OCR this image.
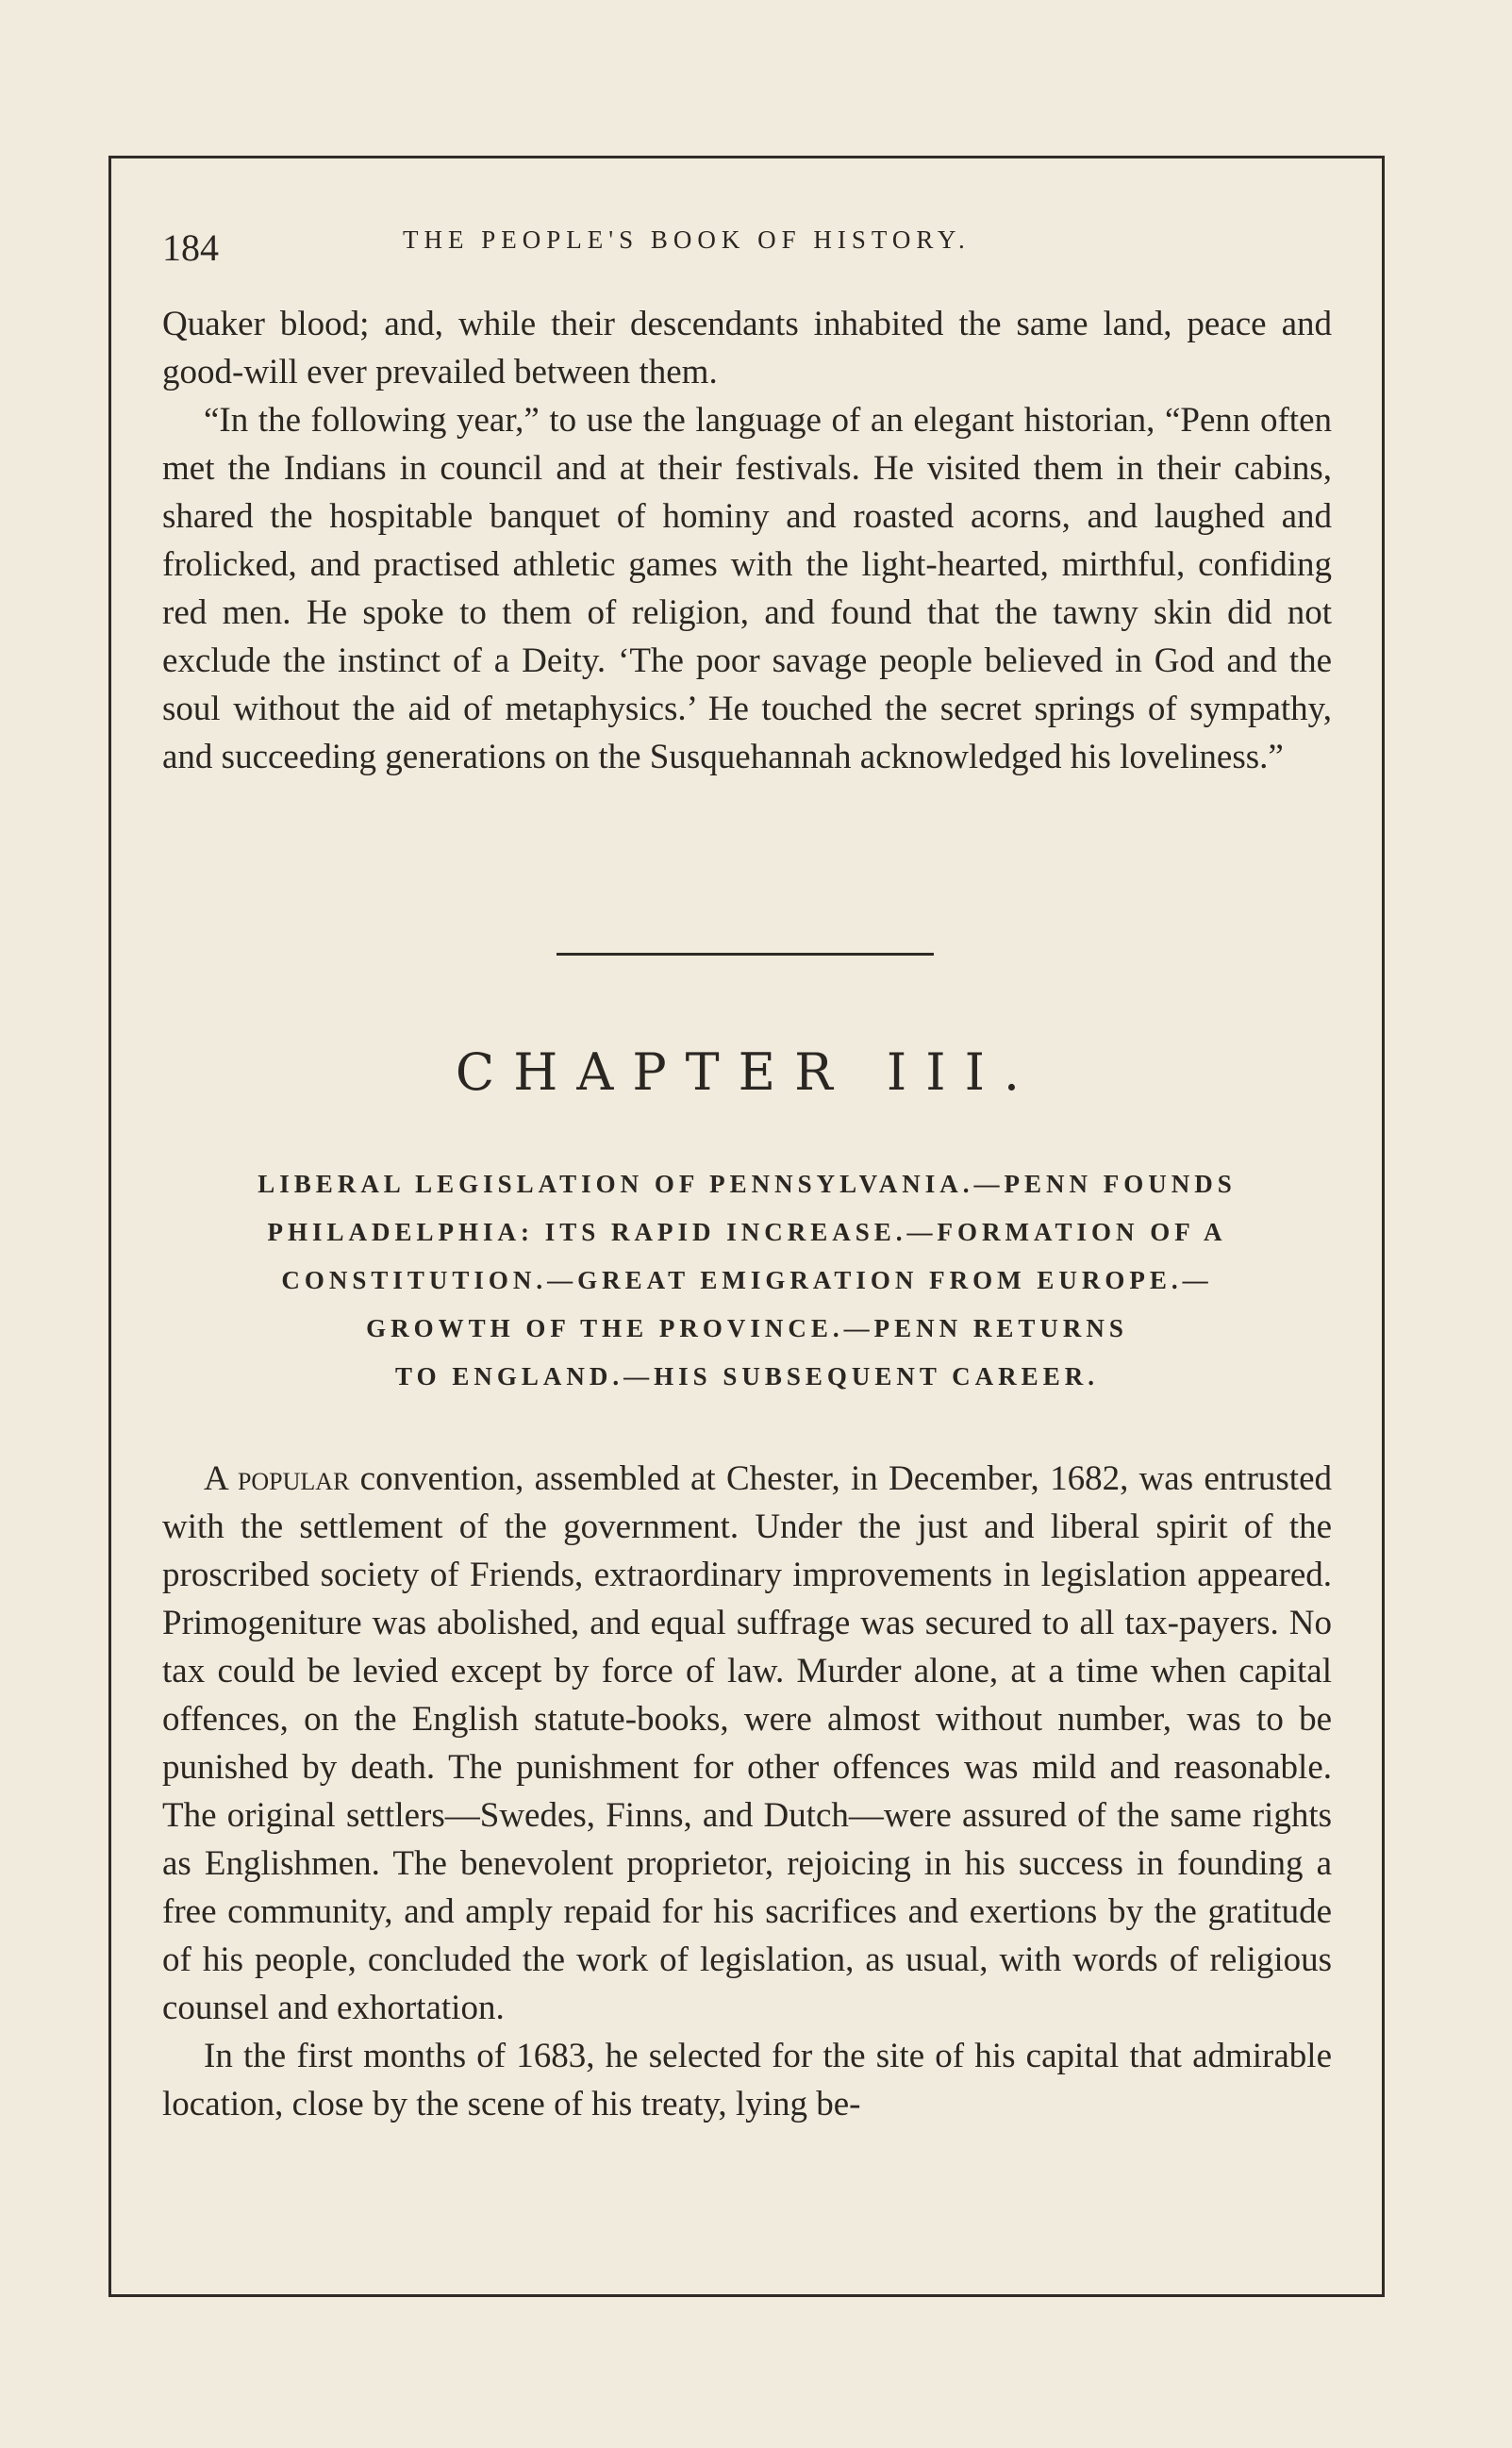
184	THE PEOPLE'S BOOK OF HISTORY.

Quaker blood; and, while their descendants inhabited the same land, peace and good-will ever prevailed between them.

“In the following year,” to use the language of an elegant historian, “Penn often met the Indians in council and at their festivals. He visited them in their cabins, shared the hospitable banquet of hominy and roasted acorns, and laughed and frolicked, and practised athletic games with the light-hearted, mirthful, confiding red men. He spoke to them of religion, and found that the tawny skin did not exclude the instinct of a Deity. ‘The poor savage people believed in God and the soul without the aid of metaphysics.’ He touched the secret springs of sympathy, and succeeding generations on the Susquehannah acknowledged his loveliness.”

CHAPTER III.
LIBERAL LEGISLATION OF PENNSYLVANIA.—PENN FOUNDS
PHILADELPHIA: ITS RAPID INCREASE.—FORMATION OF A
CONSTITUTION.—GREAT EMIGRATION FROM EUROPE.—
GROWTH OF THE PROVINCE.—PENN RETURNS
TO ENGLAND.—HIS SUBSEQUENT CAREER.

A popular convention, assembled at Chester, in December, 1682, was entrusted with the settlement of the government. Under the just and liberal spirit of the proscribed society of Friends, extraordinary improvements in legislation appeared. Primogeniture was abolished, and equal suffrage was secured to all tax-payers. No tax could be levied except by force of law. Murder alone, at a time when capital offences, on the English statute-books, were almost without number, was to be punished by death. The punishment for other offences was mild and reasonable. The original settlers—Swedes, Finns, and Dutch—were assured of the same rights as Englishmen. The benevolent proprietor, rejoicing in his success in founding a free community, and amply repaid for his sacrifices and exertions by the gratitude of his people, concluded the work of legislation, as usual, with words of religious counsel and exhortation.

In the first months of 1683, he selected for the site of his capital that admirable location, close by the scene of his treaty, lying be-
